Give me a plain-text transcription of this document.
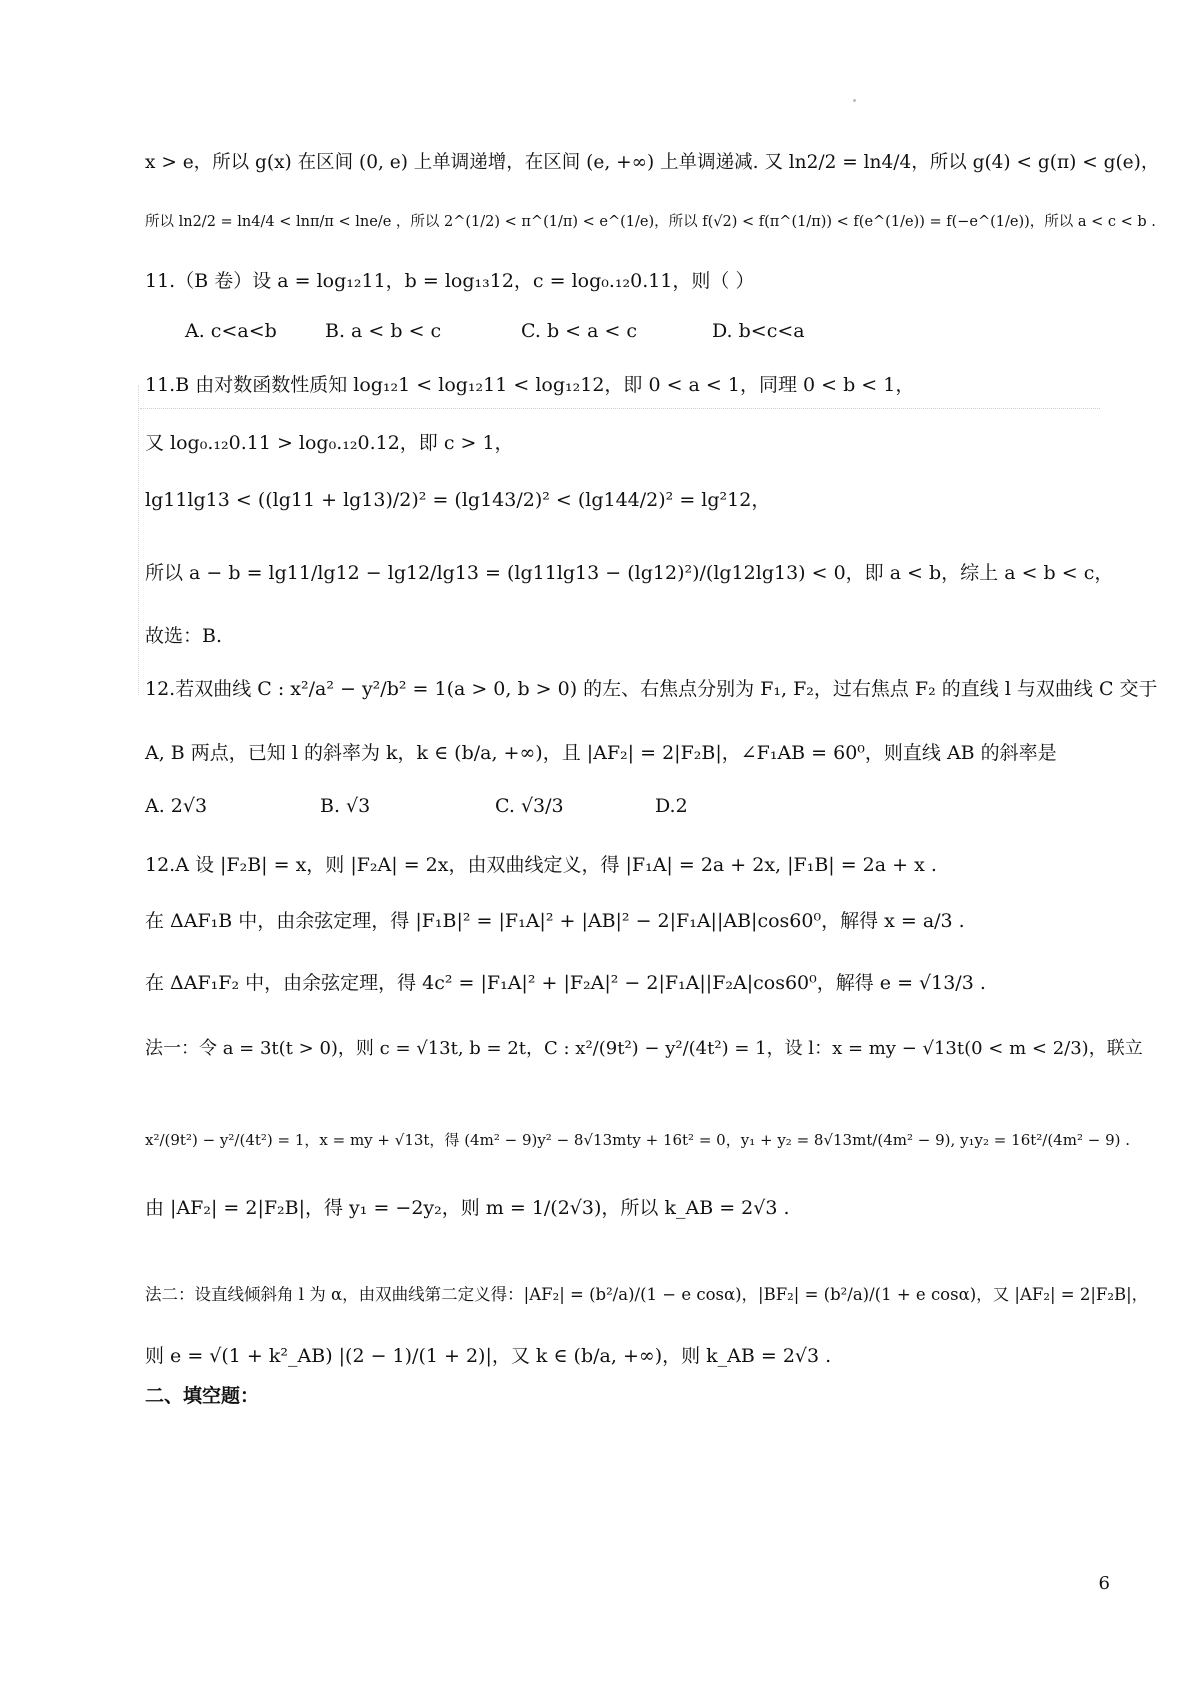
x > e，所以 g(x) 在区间 (0, e) 上单调递增，在区间 (e, +∞) 上单调递减. 又 ln2/2 = ln4/4，所以 g(4) < g(π) < g(e)，
所以 ln2/2 = ln4/4 < lnπ/π < lne/e ，所以 2^(1/2) < π^(1/π) < e^(1/e)，所以 f(√2) < f(π^(1/π)) < f(e^(1/e)) = f(−e^(1/e))，所以 a < c < b .
11.（B 卷）设 a = log₁₂11，b = log₁₃12，c = log₀.₁₂0.11，则（ ）
A. c<a<b	B. a < b < c	C. b < a < c	D. b<c<a
11.B 由对数函数性质知 log₁₂1 < log₁₂11 < log₁₂12，即 0 < a < 1，同理 0 < b < 1，
又 log₀.₁₂0.11 > log₀.₁₂0.12，即 c > 1，
lg11lg13 < ((lg11 + lg13)/2)² = (lg143/2)² < (lg144/2)² = lg²12，
所以 a − b = lg11/lg12 − lg12/lg13 = (lg11lg13 − (lg12)²)/(lg12lg13) < 0，即 a < b，综上 a < b < c，
故选：B.
12.若双曲线 C : x²/a² − y²/b² = 1(a > 0, b > 0) 的左、右焦点分别为 F₁, F₂，过右焦点 F₂ 的直线 l 与双曲线 C 交于
A, B 两点，已知 l 的斜率为 k，k ∈ (b/a, +∞)，且 |AF₂| = 2|F₂B|，∠F₁AB = 60⁰，则直线 AB 的斜率是
A. 2√3	B. √3	C. √3/3	D.2
12.A 设 |F₂B| = x，则 |F₂A| = 2x，由双曲线定义，得 |F₁A| = 2a + 2x, |F₁B| = 2a + x .
在 ΔAF₁B 中，由余弦定理，得 |F₁B|² = |F₁A|² + |AB|² − 2|F₁A||AB|cos60⁰，解得 x = a/3 .
在 ΔAF₁F₂ 中，由余弦定理，得 4c² = |F₁A|² + |F₂A|² − 2|F₁A||F₂A|cos60⁰，解得 e = √13/3 .
法一：令 a = 3t(t > 0)，则 c = √13t, b = 2t，C : x²/(9t²) − y²/(4t²) = 1，设 l：x = my − √13t(0 < m < 2/3)，联立
x²/(9t²) − y²/(4t²) = 1，x = my + √13t，得 (4m² − 9)y² − 8√13mty + 16t² = 0，y₁ + y₂ = 8√13mt/(4m² − 9), y₁y₂ = 16t²/(4m² − 9) .
由 |AF₂| = 2|F₂B|，得 y₁ = −2y₂，则 m = 1/(2√3)，所以 k_AB = 2√3 .
法二：设直线倾斜角 l 为 α，由双曲线第二定义得：|AF₂| = (b²/a)/(1 − e cosα)，|BF₂| = (b²/a)/(1 + e cosα)，又 |AF₂| = 2|F₂B|，
则 e = √(1 + k²_AB) |(2 − 1)/(1 + 2)|，又 k ∈ (b/a, +∞)，则 k_AB = 2√3 .
二、填空题：
6
